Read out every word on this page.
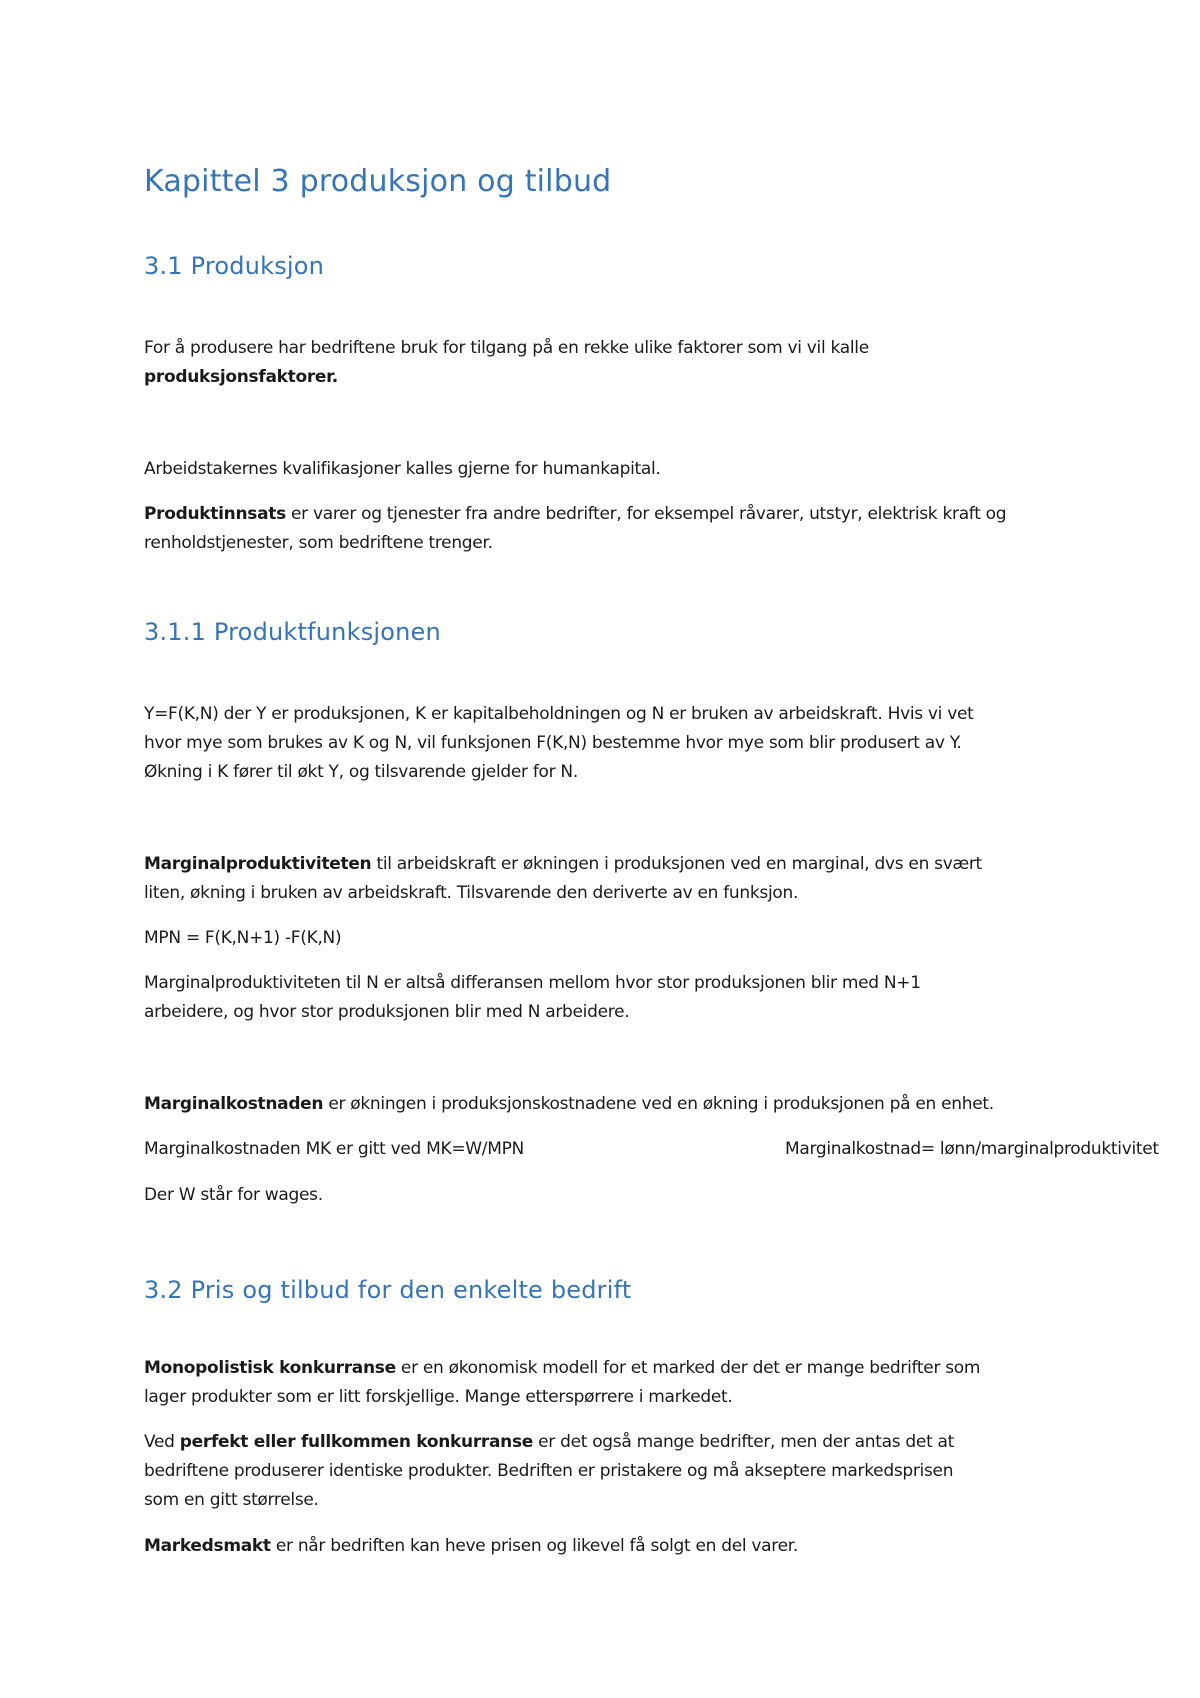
Kapittel 3 produksjon og tilbud
3.1 Produksjon

For å produsere har bedriftene bruk for tilgang på en rekke ulike faktorer som vi vil kalle
produksjonsfaktorer.

Arbeidstakernes kvalifikasjoner kalles gjerne for humankapital.

Produktinnsats er varer og tjenester fra andre bedrifter, for eksempel råvarer, utstyr, elektrisk kraft og
renholdstjenester, som bedriftene trenger.

3.1.1 Produktfunksjonen

Y=F(K,N) der Y er produksjonen, K er kapitalbeholdningen og N er bruken av arbeidskraft. Hvis vi vet
hvor mye som brukes av K og N, vil funksjonen F(K,N) bestemme hvor mye som blir produsert av Y.
Økning i K fører til økt Y, og tilsvarende gjelder for N.

Marginalproduktiviteten til arbeidskraft er økningen i produksjonen ved en marginal, dvs en svært
liten, økning i bruken av arbeidskraft. Tilsvarende den deriverte av en funksjon.

MPN = F(K,N+1) -F(K,N)

Marginalproduktiviteten til N er altså differansen mellom hvor stor produksjonen blir med N+1
arbeidere, og hvor stor produksjonen blir med N arbeidere.

Marginalkostnaden er økningen i produksjonskostnadene ved en økning i produksjonen på en enhet.

Marginalkostnaden MK er gitt ved MK=W/MPN	Marginalkostnad= lønn/marginalproduktivitet

Der W står for wages.

3.2 Pris og tilbud for den enkelte bedrift

Monopolistisk konkurranse er en økonomisk modell for et marked der det er mange bedrifter som
lager produkter som er litt forskjellige. Mange etterspørrere i markedet.

Ved perfekt eller fullkommen konkurranse er det også mange bedrifter, men der antas det at
bedriftene produserer identiske produkter. Bedriften er pristakere og må akseptere markedsprisen
som en gitt størrelse.

Markedsmakt er når bedriften kan heve prisen og likevel få solgt en del varer.
